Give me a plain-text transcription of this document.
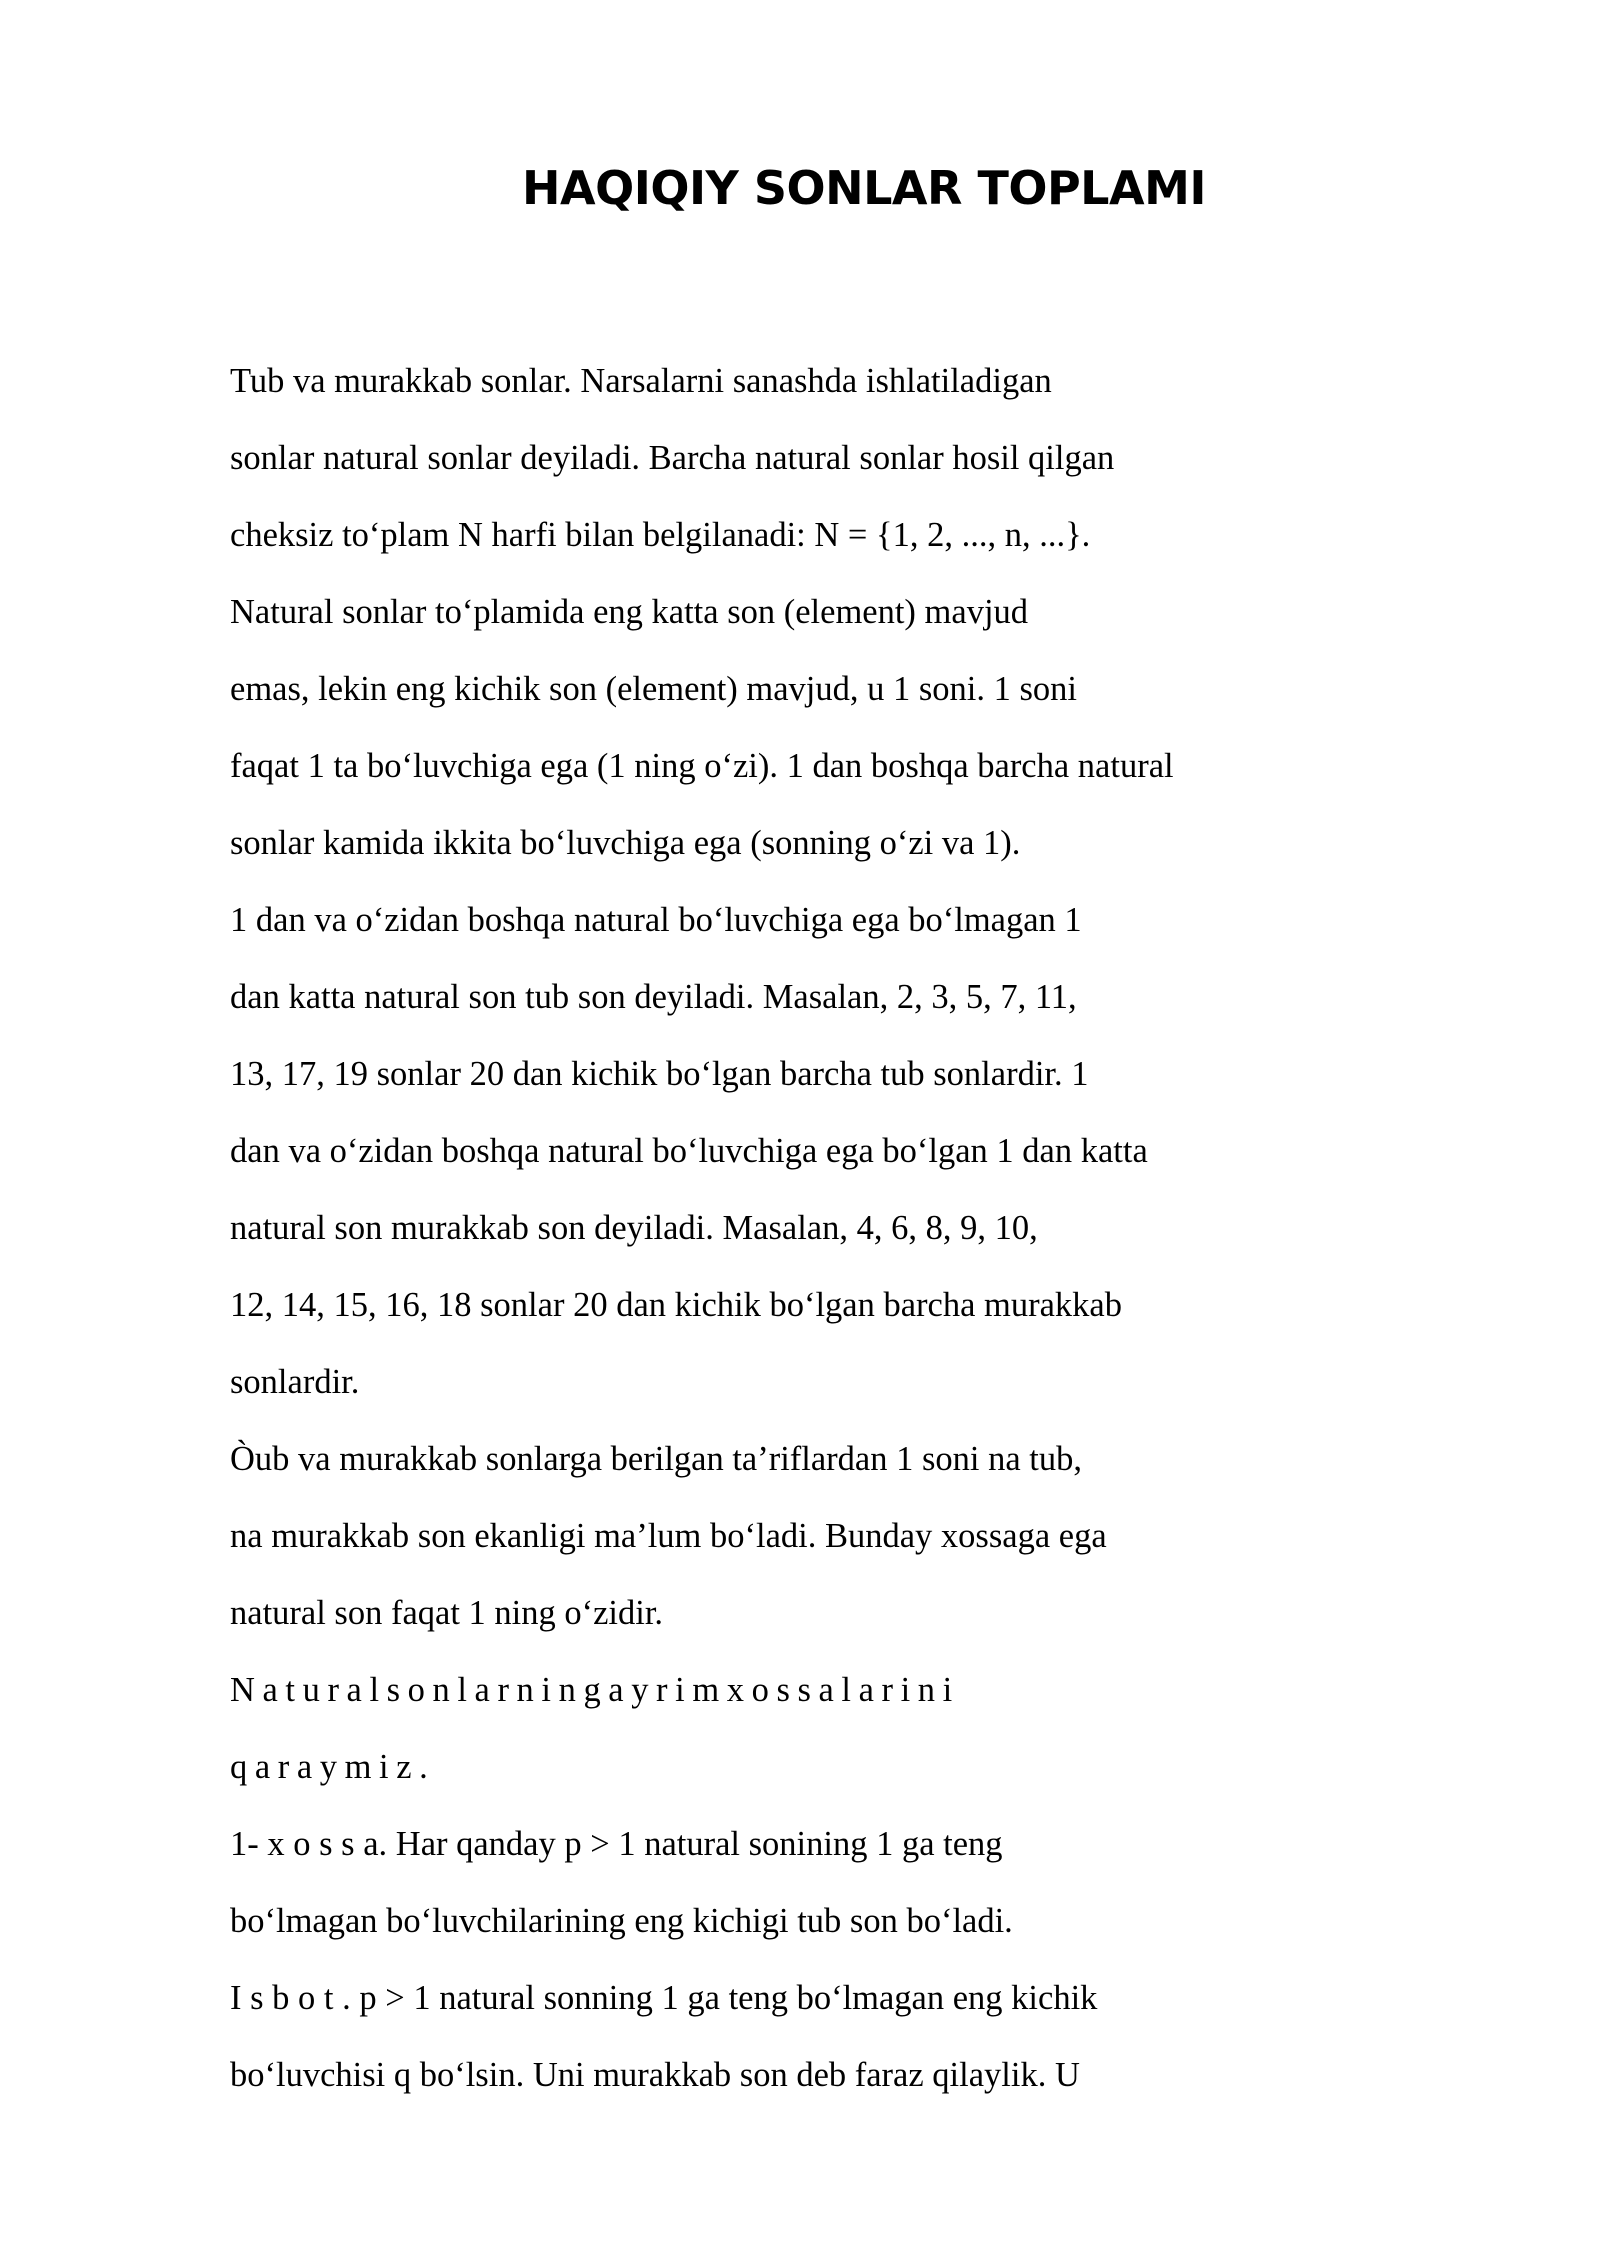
HAQIQIY SONLAR TOPLAMI
Tub va murakkab sonlar. Narsalarni sanashda ishlatiladigan
sonlar natural sonlar deyiladi. Barcha natural sonlar hosil qilgan
cheksiz to‘plam N harfi bilan belgilanadi: N = {1, 2, ..., n, ...}.
Natural sonlar to‘plamida eng katta son (element) mavjud
emas, lekin eng kichik son (element) mavjud, u 1 soni. 1 soni
faqat 1 ta bo‘luvchiga ega (1 ning o‘zi). 1 dan boshqa barcha natural
sonlar kamida ikkita bo‘luvchiga ega (sonning o‘zi va 1).
1 dan va o‘zidan boshqa natural bo‘luvchiga ega bo‘lmagan 1
dan katta natural son tub son deyiladi. Masalan, 2, 3, 5, 7, 11,
13, 17, 19 sonlar 20 dan kichik bo‘lgan barcha tub sonlardir. 1
dan va o‘zidan boshqa natural bo‘luvchiga ega bo‘lgan 1 dan katta
natural son murakkab son deyiladi. Masalan, 4, 6, 8, 9, 10,
12, 14, 15, 16, 18 sonlar 20 dan kichik bo‘lgan barcha murakkab
sonlardir.
Òub va murakkab sonlarga berilgan ta’riflardan 1 soni na tub,
na murakkab son ekanligi ma’lum bo‘ladi. Bunday xossaga ega
natural son faqat 1 ning o‘zidir.
Naturalsonlarningayrimxossalarini
qaraymiz.
1- x o s s a. Har qanday p > 1 natural sonining 1 ga teng
bo‘lmagan bo‘luvchilarining eng kichigi tub son bo‘ladi.
I s b o t . p > 1 natural sonning 1 ga teng bo‘lmagan eng kichik
bo‘luvchisi q bo‘lsin. Uni murakkab son deb faraz qilaylik. U
